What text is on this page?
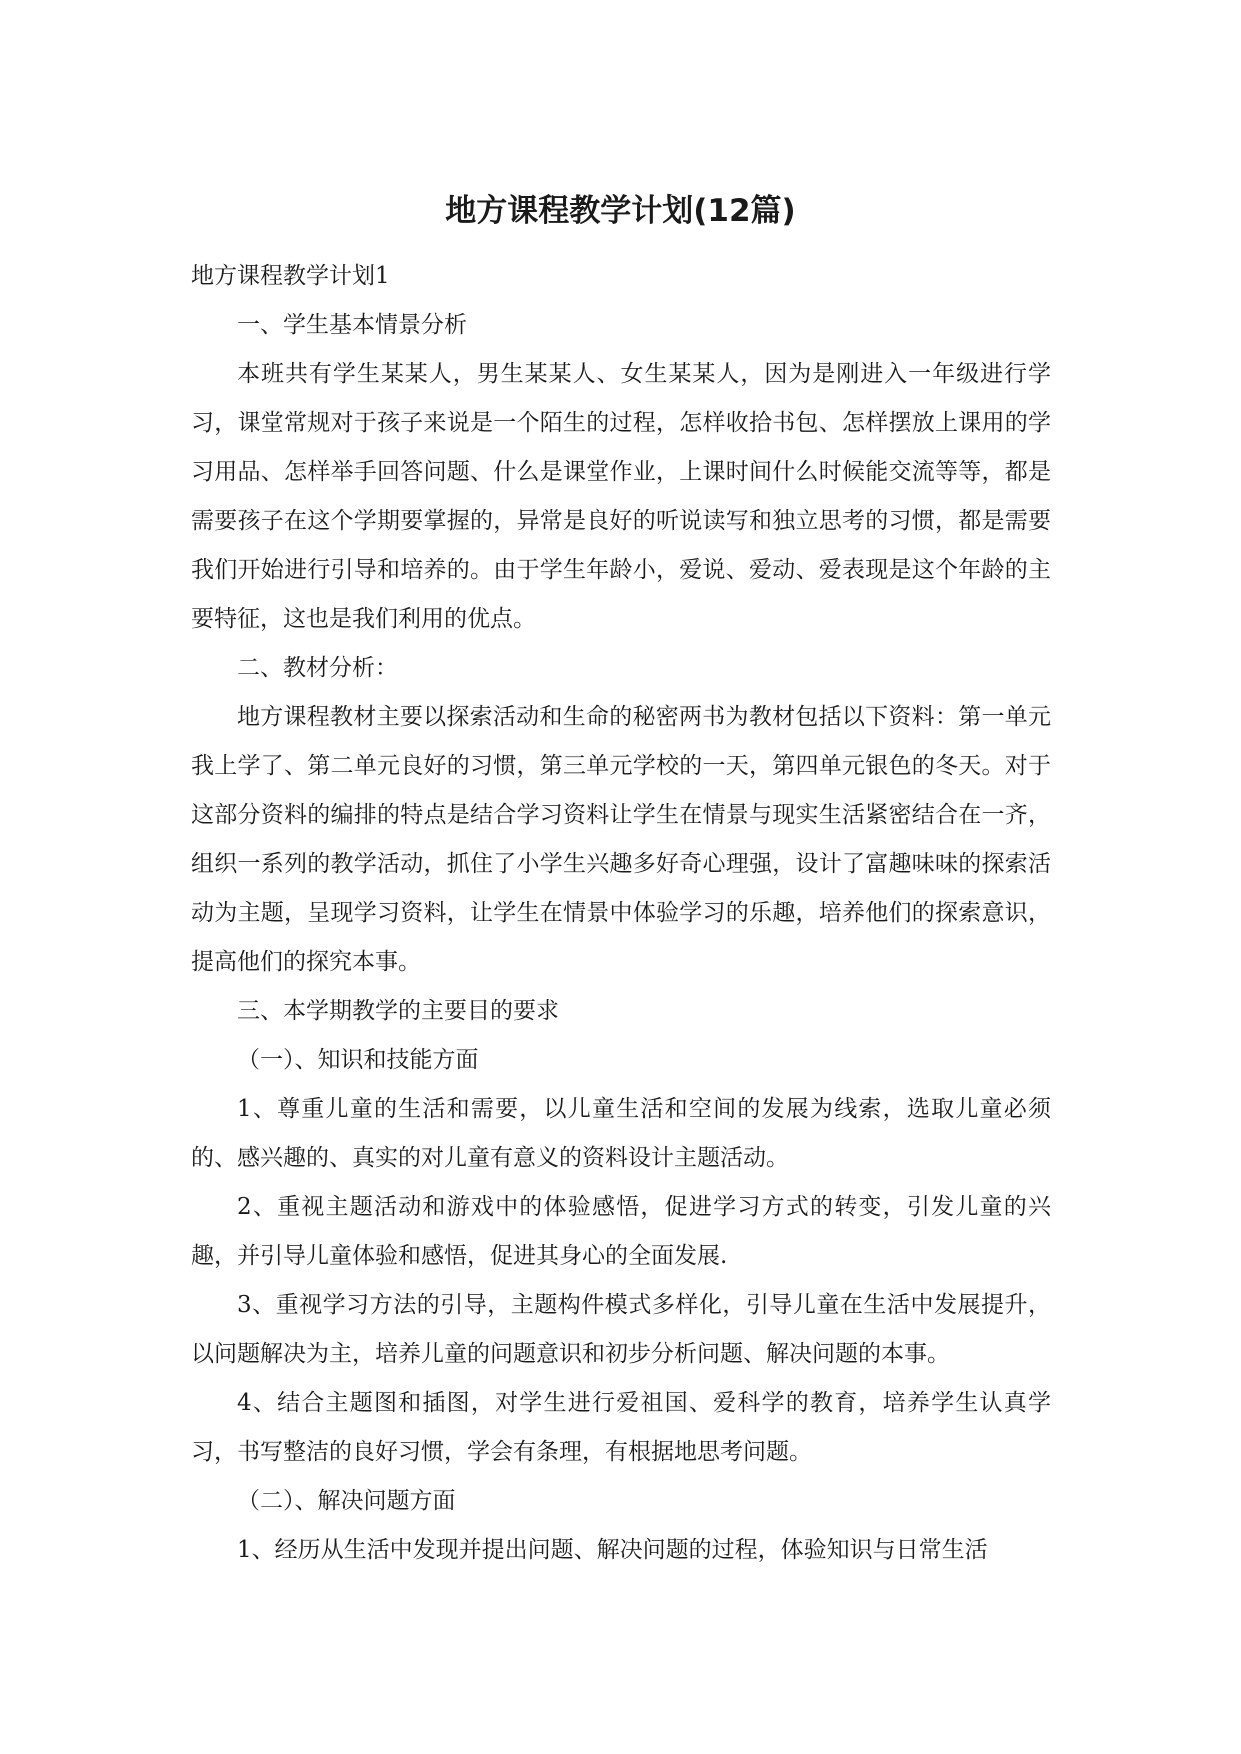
地方课程教学计划(12篇)

地方课程教学计划1

一、学生基本情景分析

本班共有学生某某人，男生某某人、女生某某人，因为是刚进入一年级进行学习，课堂常规对于孩子来说是一个陌生的过程，怎样收拾书包、怎样摆放上课用的学习用品、怎样举手回答问题、什么是课堂作业，上课时间什么时候能交流等等，都是需要孩子在这个学期要掌握的，异常是良好的听说读写和独立思考的习惯，都是需要我们开始进行引导和培养的。由于学生年龄小，爱说、爱动、爱表现是这个年龄的主要特征，这也是我们利用的优点。

二、教材分析：

地方课程教材主要以探索活动和生命的秘密两书为教材包括以下资料：第一单元我上学了、第二单元良好的习惯，第三单元学校的一天，第四单元银色的冬天。对于这部分资料的编排的特点是结合学习资料让学生在情景与现实生活紧密结合在一齐，组织一系列的教学活动，抓住了小学生兴趣多好奇心理强，设计了富趣味味的探索活动为主题，呈现学习资料，让学生在情景中体验学习的乐趣，培养他们的探索意识，提高他们的探究本事。

三、本学期教学的主要目的要求

（一）、知识和技能方面

1、尊重儿童的生活和需要，以儿童生活和空间的发展为线索，选取儿童必须的、感兴趣的、真实的对儿童有意义的资料设计主题活动。

2、重视主题活动和游戏中的体验感悟，促进学习方式的转变，引发儿童的兴趣，并引导儿童体验和感悟，促进其身心的全面发展.

3、重视学习方法的引导，主题构件模式多样化，引导儿童在生活中发展提升，以问题解决为主，培养儿童的问题意识和初步分析问题、解决问题的本事。

4、结合主题图和插图，对学生进行爱祖国、爱科学的教育，培养学生认真学习，书写整洁的良好习惯，学会有条理，有根据地思考问题。

（二）、解决问题方面

1、经历从生活中发现并提出问题、解决问题的过程，体验知识与日常生活
